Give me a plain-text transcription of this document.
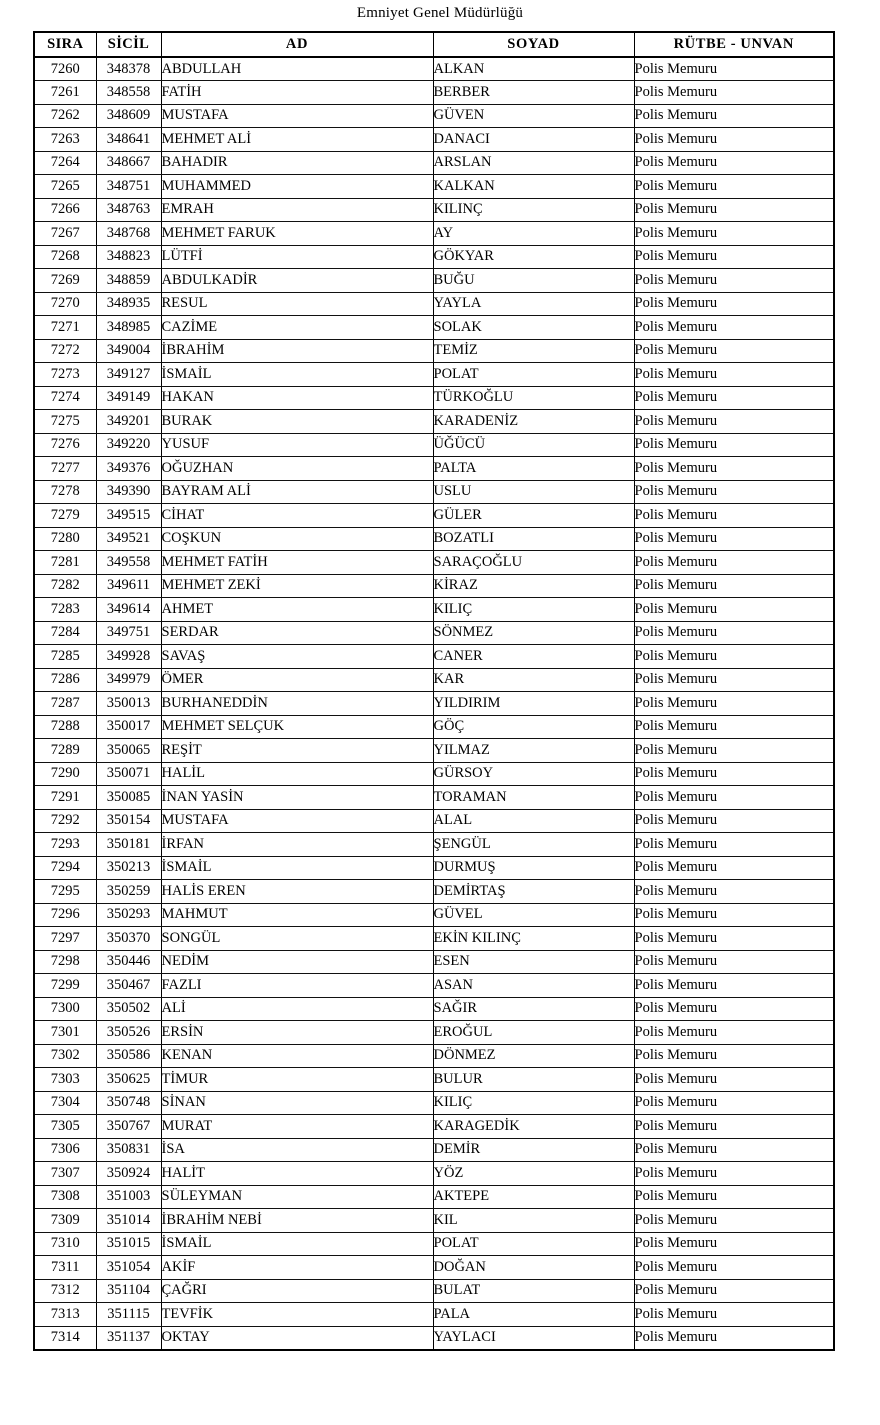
Emniyet Genel Müdürlüğü
SIRA	SİCİL	AD	SOYAD	RÜTBE - UNVAN
7260	348378	ABDULLAH	ALKAN	Polis Memuru
7261	348558	FATİH	BERBER	Polis Memuru
7262	348609	MUSTAFA	GÜVEN	Polis Memuru
7263	348641	MEHMET ALİ	DANACI	Polis Memuru
7264	348667	BAHADIR	ARSLAN	Polis Memuru
7265	348751	MUHAMMED	KALKAN	Polis Memuru
7266	348763	EMRAH	KILINÇ	Polis Memuru
7267	348768	MEHMET FARUK	AY	Polis Memuru
7268	348823	LÜTFİ	GÖKYAR	Polis Memuru
7269	348859	ABDULKADİR	BUĞU	Polis Memuru
7270	348935	RESUL	YAYLA	Polis Memuru
7271	348985	CAZİME	SOLAK	Polis Memuru
7272	349004	İBRAHİM	TEMİZ	Polis Memuru
7273	349127	İSMAİL	POLAT	Polis Memuru
7274	349149	HAKAN	TÜRKOĞLU	Polis Memuru
7275	349201	BURAK	KARADENİZ	Polis Memuru
7276	349220	YUSUF	ÜĞÜCÜ	Polis Memuru
7277	349376	OĞUZHAN	PALTA	Polis Memuru
7278	349390	BAYRAM ALİ	USLU	Polis Memuru
7279	349515	CİHAT	GÜLER	Polis Memuru
7280	349521	COŞKUN	BOZATLI	Polis Memuru
7281	349558	MEHMET FATİH	SARAÇOĞLU	Polis Memuru
7282	349611	MEHMET ZEKİ	KİRAZ	Polis Memuru
7283	349614	AHMET	KILIÇ	Polis Memuru
7284	349751	SERDAR	SÖNMEZ	Polis Memuru
7285	349928	SAVAŞ	CANER	Polis Memuru
7286	349979	ÖMER	KAR	Polis Memuru
7287	350013	BURHANEDDİN	YILDIRIM	Polis Memuru
7288	350017	MEHMET SELÇUK	GÖÇ	Polis Memuru
7289	350065	REŞİT	YILMAZ	Polis Memuru
7290	350071	HALİL	GÜRSOY	Polis Memuru
7291	350085	İNAN YASİN	TORAMAN	Polis Memuru
7292	350154	MUSTAFA	ALAL	Polis Memuru
7293	350181	İRFAN	ŞENGÜL	Polis Memuru
7294	350213	İSMAİL	DURMUŞ	Polis Memuru
7295	350259	HALİS EREN	DEMİRTAŞ	Polis Memuru
7296	350293	MAHMUT	GÜVEL	Polis Memuru
7297	350370	SONGÜL	EKİN KILINÇ	Polis Memuru
7298	350446	NEDİM	ESEN	Polis Memuru
7299	350467	FAZLI	ASAN	Polis Memuru
7300	350502	ALİ	SAĞIR	Polis Memuru
7301	350526	ERSİN	EROĞUL	Polis Memuru
7302	350586	KENAN	DÖNMEZ	Polis Memuru
7303	350625	TİMUR	BULUR	Polis Memuru
7304	350748	SİNAN	KILIÇ	Polis Memuru
7305	350767	MURAT	KARAGEDİK	Polis Memuru
7306	350831	İSA	DEMİR	Polis Memuru
7307	350924	HALİT	YÖZ	Polis Memuru
7308	351003	SÜLEYMAN	AKTEPE	Polis Memuru
7309	351014	İBRAHİM NEBİ	KIL	Polis Memuru
7310	351015	İSMAİL	POLAT	Polis Memuru
7311	351054	AKİF	DOĞAN	Polis Memuru
7312	351104	ÇAĞRI	BULAT	Polis Memuru
7313	351115	TEVFİK	PALA	Polis Memuru
7314	351137	OKTAY	YAYLACI	Polis Memuru
